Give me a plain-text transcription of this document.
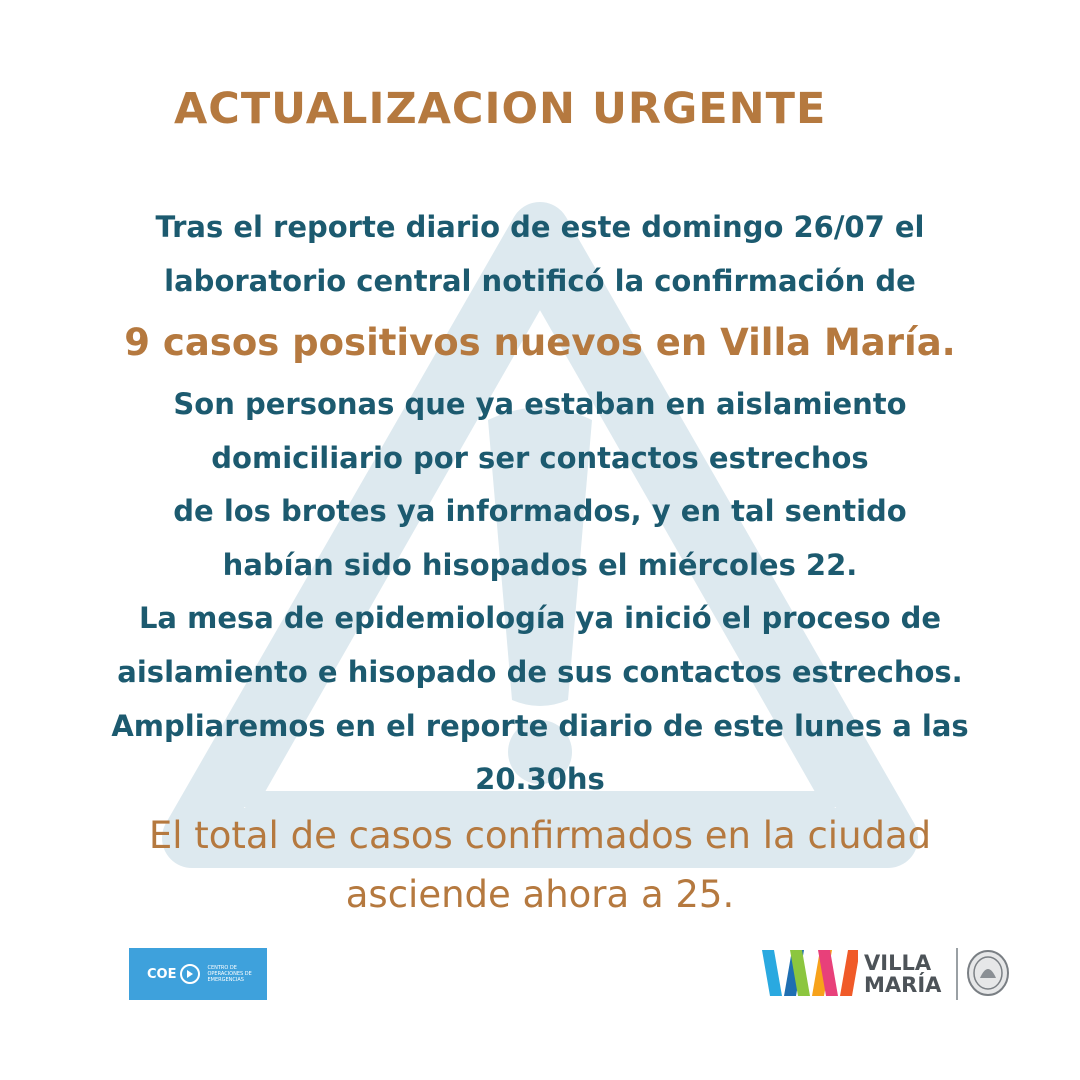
ACTUALIZACION URGENTE

Tras el reporte diario de este domingo 26/07 el

laboratorio central notificó la confirmación de

9 casos positivos nuevos en Villa María.

Son personas que ya estaban en aislamiento

domiciliario por ser contactos estrechos

de los brotes ya informados, y en tal sentido

habían sido hisopados el miércoles 22.

La mesa de epidemiología ya inició el proceso de

aislamiento e hisopado de sus contactos estrechos.

Ampliaremos en el reporte diario de este lunes a las

20.30hs

El total de casos confirmados en la ciudad

asciende ahora a 25.

COE	CENTRO DE OPERACIONES DE EMERGENCIAS
VILLA
MARÍA
